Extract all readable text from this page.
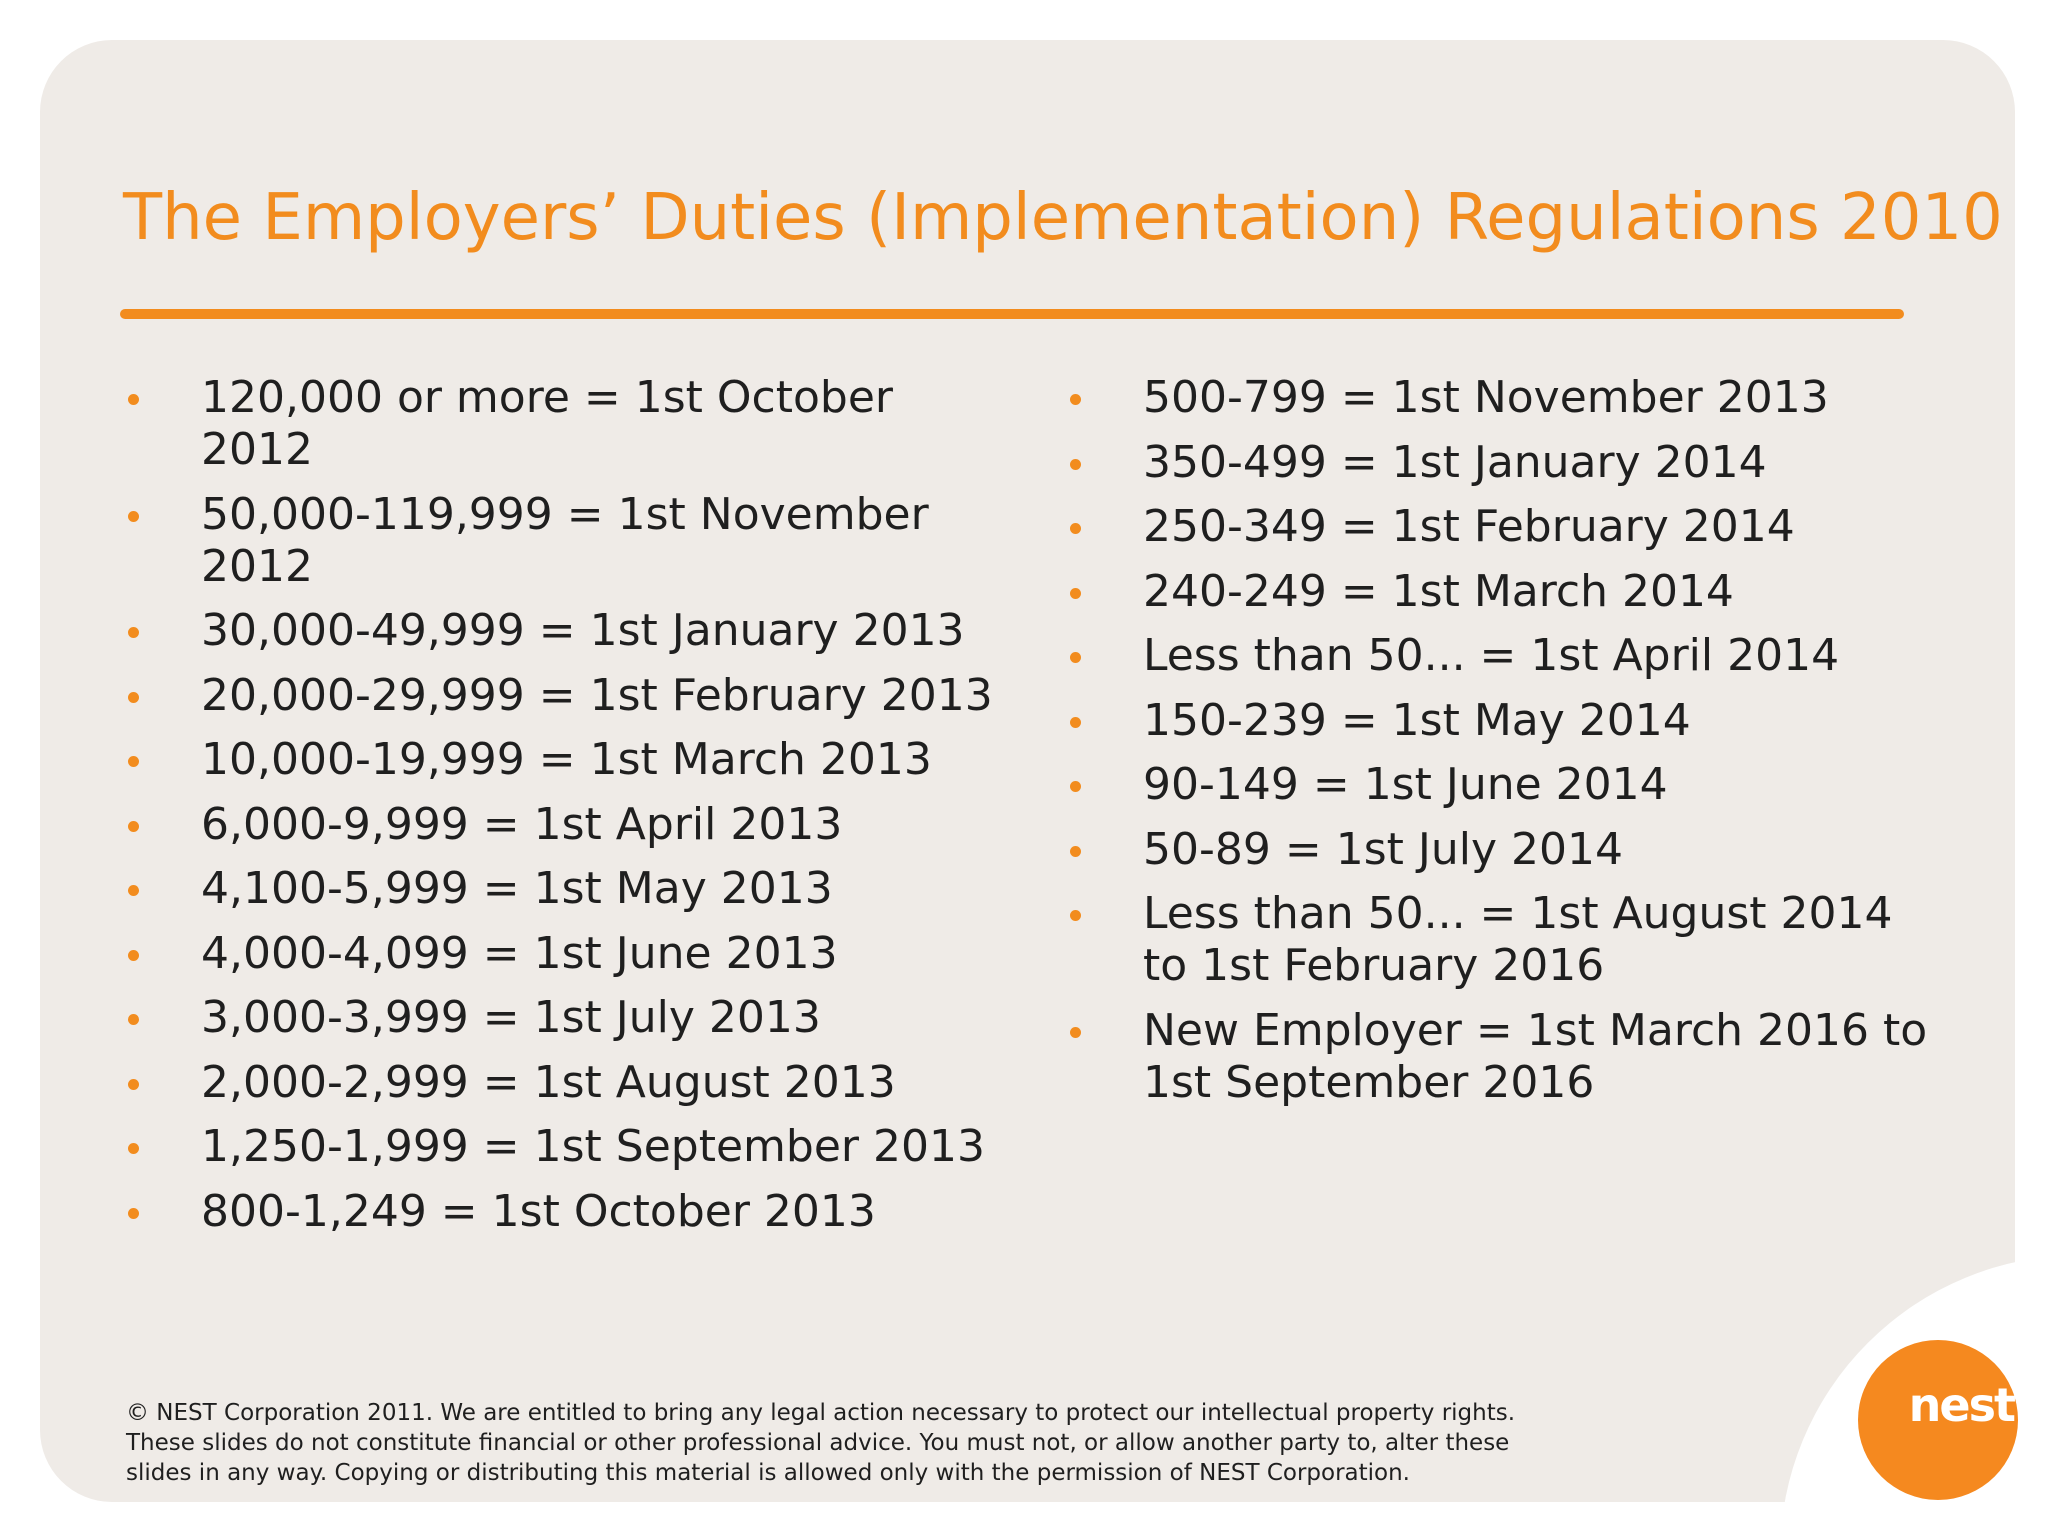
The Employers’ Duties (Implementation) Regulations 2010
120,000 or more = 1st October 2012
50,000-119,999 = 1st November 2012
30,000-49,999 = 1st January 2013
20,000-29,999 = 1st February 2013
10,000-19,999 = 1st March 2013
6,000-9,999 = 1st April 2013
4,100-5,999 = 1st May 2013
4,000-4,099 = 1st June 2013
3,000-3,999 = 1st July 2013
2,000-2,999 = 1st August 2013
1,250-1,999 = 1st September 2013
800-1,249 = 1st October 2013
500-799 = 1st November 2013
350-499 = 1st January 2014
250-349 = 1st February 2014
240-249 = 1st March 2014
Less than 50... = 1st April 2014
150-239 = 1st May 2014
90-149 = 1st June 2014
50-89 = 1st July 2014
Less than 50... = 1st August 2014 to 1st February 2016
New Employer = 1st March 2016 to 1st September 2016
© NEST Corporation 2011. We are entitled to bring any legal action necessary to protect our intellectual property rights.
These slides do not constitute financial or other professional advice. You must not, or allow another party to, alter these
slides in any way. Copying or distributing this material is allowed only with the permission of NEST Corporation.
nest
